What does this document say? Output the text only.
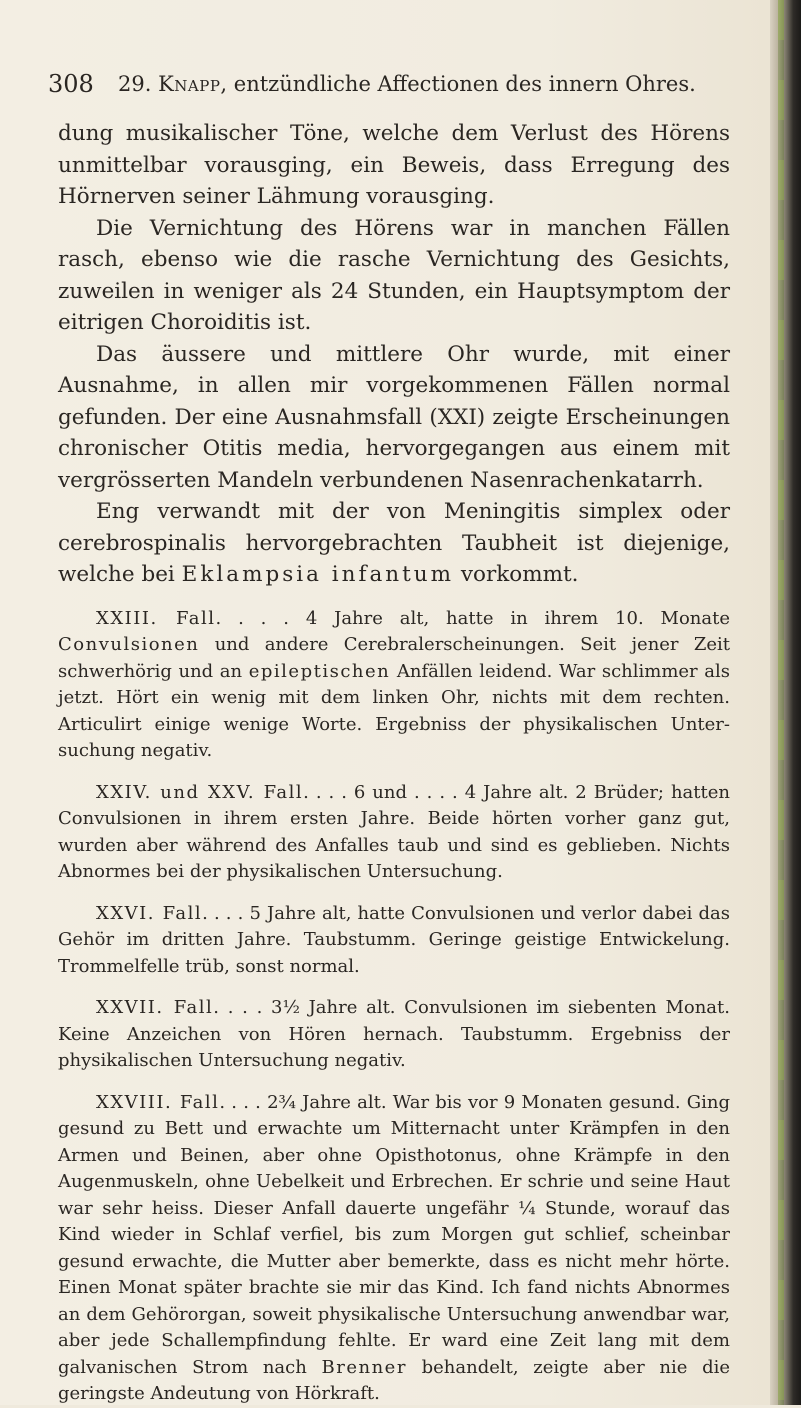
308 29. Knapp, entzündliche Affectionen des innern Ohres.

dung musikalischer Töne, welche dem Verlust des Hörens unmittelbar vorausging, ein Beweis, dass Erregung des Hörnerven seiner Lähmung vorausging.

Die Vernichtung des Hörens war in manchen Fällen rasch, ebenso wie die rasche Vernichtung des Gesichts, zuweilen in weniger als 24 Stunden, ein Hauptsymptom der eitrigen Choroiditis ist.

Das äussere und mittlere Ohr wurde, mit einer Ausnahme, in allen mir vorgekommenen Fällen normal gefunden. Der eine Ausnahmsfall (XXI) zeigte Erscheinungen chronischer Otitis media, hervorgegangen aus einem mit vergrösserten Mandeln verbundenen Nasenrachenkatarrh.

Eng verwandt mit der von Meningitis simplex oder cerebrospinalis hervorgebrachten Taubheit ist diejenige, welche bei Eklampsia infantum vorkommt.

XXIII. Fall. . . . 4 Jahre alt, hatte in ihrem 10. Monate Convulsionen und andere Cerebralerscheinungen. Seit jener Zeit schwerhörig und an epileptischen Anfällen leidend. War schlimmer als jetzt. Hört ein wenig mit dem linken Ohr, nichts mit dem rechten. Articulirt einige wenige Worte. Ergebniss der physikalischen Untersuchung negativ.

XXIV. und XXV. Fall. . . . 6 und . . . . 4 Jahre alt. 2 Brüder; hatten Convulsionen in ihrem ersten Jahre. Beide hörten vorher ganz gut, wurden aber während des Anfalles taub und sind es geblieben. Nichts Abnormes bei der physikalischen Untersuchung.

XXVI. Fall. . . . 5 Jahre alt, hatte Convulsionen und verlor dabei das Gehör im dritten Jahre. Taubstumm. Geringe geistige Entwickelung. Trommelfelle trüb, sonst normal.

XXVII. Fall. . . . 3½ Jahre alt. Convulsionen im siebenten Monat. Keine Anzeichen von Hören hernach. Taubstumm. Ergebniss der physikalischen Untersuchung negativ.

XXVIII. Fall. . . . 2¾ Jahre alt. War bis vor 9 Monaten gesund. Ging gesund zu Bett und erwachte um Mitternacht unter Krämpfen in den Armen und Beinen, aber ohne Opisthotonus, ohne Krämpfe in den Augenmuskeln, ohne Uebelkeit und Erbrechen. Er schrie und seine Haut war sehr heiss. Dieser Anfall dauerte ungefähr ¼ Stunde, worauf das Kind wieder in Schlaf verfiel, bis zum Morgen gut schlief, scheinbar gesund erwachte, die Mutter aber bemerkte, dass es nicht mehr hörte. Einen Monat später brachte sie mir das Kind. Ich fand nichts Abnormes an dem Gehörorgan, soweit physikalische Untersuchung anwendbar war, aber jede Schallempfindung fehlte. Er ward eine Zeit lang mit dem galvanischen Strom nach Brenner behandelt, zeigte aber nie die geringste Andeutung von Hörkraft.
